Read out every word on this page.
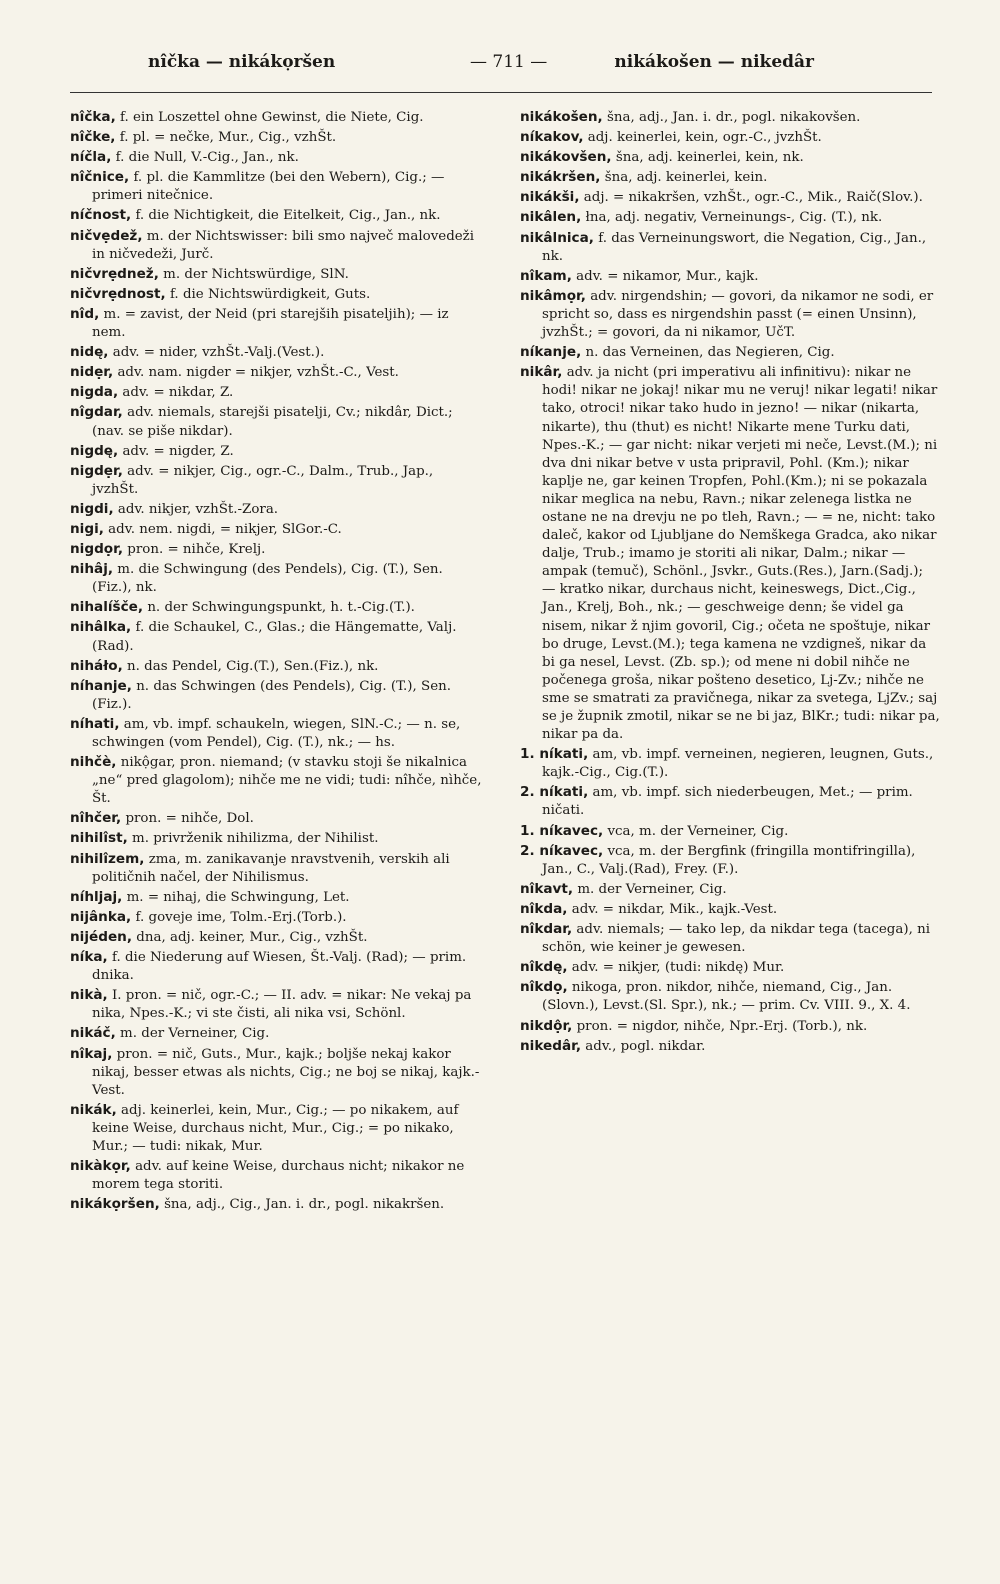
nîčka — nikákọršen	— 711 —	nikákošen — nikedâr
nîčka, f. ein Loszettel ohne Gewinst, die Niete, Cig.
nîčke, f. pl. = nečke, Mur., Cig., vzhŠt.
níčla, f. die Null, V.-Cig., Jan., nk.
nîčnice, f. pl. die Kammlitze (bei den Webern), Cig.; — primeri nitečnice.
níčnost, f. die Nichtigkeit, die Eitelkeit, Cig., Jan., nk.
ničvẹdež, m. der Nichtswisser: bili smo največ malovedeži in ničvedeži, Jurč.
ničvrẹdnež, m. der Nichtswürdige, SlN.
ničvrẹdnost, f. die Nichtswürdigkeit, Guts.
nîd, m. = zavist, der Neid (pri starejših pisateljih); — iz nem.
nidę, adv. = nider, vzhŠt.-Valj.(Vest.).
nidẹr, adv. nam. nigder = nikjer, vzhŠt.-C., Vest.
nigda, adv. = nikdar, Z.
nîgdar, adv. niemals, starejši pisatelji, Cv.; nikdâr, Dict.; (nav. se piše nikdar).
nigdę, adv. = nigder, Z.
nigdẹr, adv. = nikjer, Cig., ogr.-C., Dalm., Trub., Jap., jvzhŠt.
nigdi, adv. nikjer, vzhŠt.-Zora.
nigi, adv. nem. nigdi, = nikjer, SlGor.-C.
nigdọr, pron. = nihče, Krelj.
nihâj, m. die Schwingung (des Pendels), Cig. (T.), Sen.(Fiz.), nk.
nihalíšče, n. der Schwingungspunkt, h. t.-Cig.(T.).
nihâlka, f. die Schaukel, C., Glas.; die Hängematte, Valj.(Rad).
niháło, n. das Pendel, Cig.(T.), Sen.(Fiz.), nk.
níhanje, n. das Schwingen (des Pendels), Cig. (T.), Sen.(Fiz.).
níhati, am, vb. impf. schaukeln, wiegen, SlN.-C.; — n. se, schwingen (vom Pendel), Cig. (T.), nk.; — hs.
nihčè, nikộgar, pron. niemand; (v stavku stoji še nikalnica „ne“ pred glagolom); nihče me ne vidi; tudi: nîhče, nìhče, Št.
nîhčer, pron. = nihče, Dol.
nihilîst, m. privrženik nihilizma, der Nihilist.
nihilîzem, zma, m. zanikavanje nravstvenih, verskih ali političnih načel, der Nihilismus.
níhljaj, m. = nihaj, die Schwingung, Let.
nijânka, f. goveje ime, Tolm.-Erj.(Torb.).
nijéden, dna, adj. keiner, Mur., Cig., vzhŠt.
níka, f. die Niederung auf Wiesen, Št.-Valj. (Rad); — prim. dnika.
nikà, I. pron. = nič, ogr.-C.; — II. adv. = nikar: Ne vekaj pa nika, Npes.-K.; vi ste čisti, ali nika vsi, Schönl.
nikáč, m. der Verneiner, Cig.
nîkaj, pron. = nič, Guts., Mur., kajk.; boljše nekaj kakor nikaj, besser etwas als nichts, Cig.; ne boj se nikaj, kajk.-Vest.
nikák, adj. keinerlei, kein, Mur., Cig.; — po nikakem, auf keine Weise, durchaus nicht, Mur., Cig.; = po nikako, Mur.; — tudi: nikak, Mur.
nikàkọr, adv. auf keine Weise, durchaus nicht; nikakor ne morem tega storiti.
nikákọršen, šna, adj., Cig., Jan. i. dr., pogl. nikakršen.
nikákošen, šna, adj., Jan. i. dr., pogl. nikakovšen.
níkakov, adj. keinerlei, kein, ogr.-C., jvzhŠt.
nikákovšen, šna, adj. keinerlei, kein, nk.
nikákršen, šna, adj. keinerlei, kein.
nikákši, adj. = nikakršen, vzhŠt., ogr.-C., Mik., Raič(Slov.).
nikâlen, łna, adj. negativ, Verneinungs-, Cig. (T.), nk.
nikâlnica, f. das Verneinungswort, die Negation, Cig., Jan., nk.
nîkam, adv. = nikamor, Mur., kajk.
nikâmọr, adv. nirgendshin; — govori, da nikamor ne sodi, er spricht so, dass es nirgendshin passt (= einen Unsinn), jvzhŠt.; = govori, da ni nikamor, UčT.
níkanje, n. das Verneinen, das Negieren, Cig.
nikâr, adv. ja nicht (pri imperativu ali infinitivu): nikar ne hodi! nikar ne jokaj! nikar mu ne veruj! nikar legati! nikar tako, otroci! nikar tako hudo in jezno! — nikar (nikarta, nikarte), thu (thut) es nicht! Nikarte mene Turku dati, Npes.-K.; — gar nicht: nikar verjeti mi neče, Levst.(M.); ni dva dni nikar betve v usta pripravil, Pohl. (Km.); nikar kaplje ne, gar keinen Tropfen, Pohl.(Km.); ni se pokazala nikar meglica na nebu, Ravn.; nikar zelenega listka ne ostane ne na drevju ne po tleh, Ravn.; — = ne, nicht: tako daleč, kakor od Ljubljane do Nemškega Gradca, ako nikar dalje, Trub.; imamo je storiti ali nikar, Dalm.; nikar — ampak (temuč), Schönl., Jsvkr., Guts.(Res.), Jarn.(Sadj.); — kratko nikar, durchaus nicht, keineswegs, Dict.,Cig., Jan., Krelj, Boh., nk.; — geschweige denn; še videl ga nisem, nikar ž njim govoril, Cig.; očeta ne spoštuje, nikar bo druge, Levst.(M.); tega kamena ne vzdigneš, nikar da bi ga nesel, Levst. (Zb. sp.); od mene ni dobil nihče ne počenega groša, nikar pošteno desetico, Lj-Zv.; nihče ne sme se smatrati za pravičnega, nikar za svetega, LjZv.; saj se je župnik zmotil, nikar se ne bi jaz, BlKr.; tudi: nikar pa, nikar pa da.
1. níkati, am, vb. impf. verneinen, negieren, leugnen, Guts., kajk.-Cig., Cig.(T.).
2. níkati, am, vb. impf. sich niederbeugen, Met.; — prim. ničati.
1. níkavec, vca, m. der Verneiner, Cig.
2. níkavec, vca, m. der Bergfink (fringilla montifringilla), Jan., C., Valj.(Rad), Frey. (F.).
nîkavt, m. der Verneiner, Cig.
nîkda, adv. = nikdar, Mik., kajk.-Vest.
nîkdar, adv. niemals; — tako lep, da nikdar tega (tacega), ni schön, wie keiner je gewesen.
nîkdę, adv. = nikjer, (tudi: nikdę) Mur.
nîkdọ, nikoga, pron. nikdor, nihče, niemand, Cig., Jan.(Slovn.), Levst.(Sl. Spr.), nk.; — prim. Cv. VIII. 9., X. 4.
nikdộr, pron. = nigdor, nihče, Npr.-Erj. (Torb.), nk.
nikedâr, adv., pogl. nikdar.
